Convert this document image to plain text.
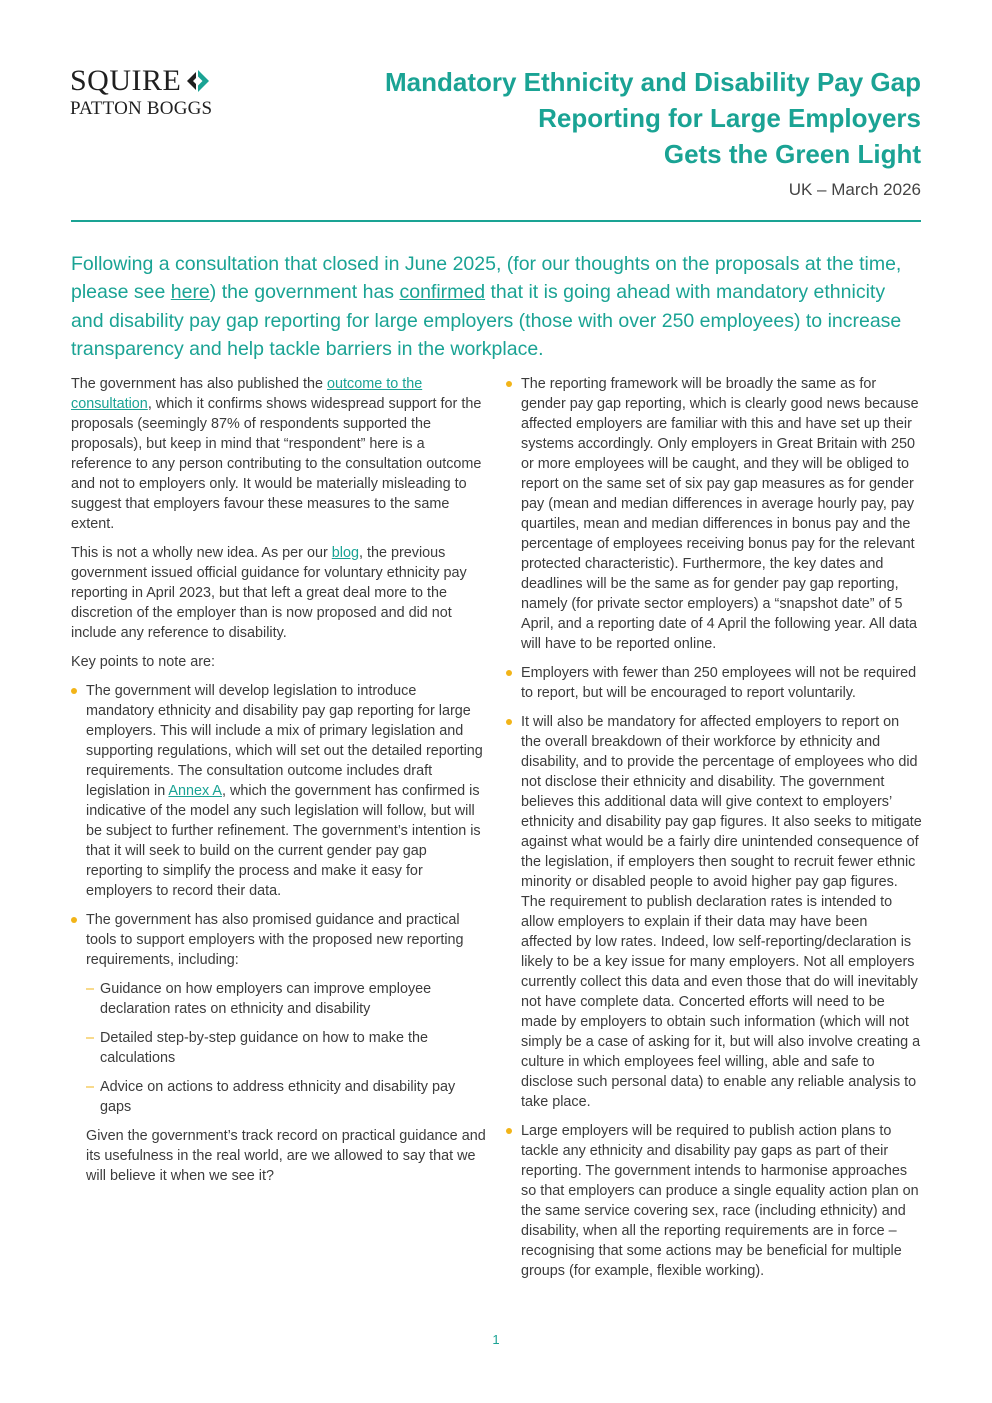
SQUIRE
PATTON BOGGS
Mandatory Ethnicity and Disability Pay Gap
Reporting for Large Employers
Gets the Green Light
UK – March 2026

Following a consultation that closed in June 2025, (for our thoughts on the proposals at the time, please see here) the government has confirmed that it is going ahead with mandatory ethnicity and disability pay gap reporting for large employers (those with over 250 employees) to increase transparency and help tackle barriers in the workplace.

The government has also published the outcome to the consultation, which it confirms shows widespread support for the proposals (seemingly 87% of respondents supported the proposals), but keep in mind that “respondent” here is a reference to any person contributing to the consultation outcome and not to employers only. It would be materially misleading to suggest that employers favour these measures to the same extent.

This is not a wholly new idea. As per our blog, the previous government issued official guidance for voluntary ethnicity pay reporting in April 2023, but that left a great deal more to the discretion of the employer than is now proposed and did not include any reference to disability.

Key points to note are:

The government will develop legislation to introduce mandatory ethnicity and disability pay gap reporting for large employers. This will include a mix of primary legislation and supporting regulations, which will set out the detailed reporting requirements. The consultation outcome includes draft legislation in Annex A, which the government has confirmed is indicative of the model any such legislation will follow, but will be subject to further refinement. The government’s intention is that it will seek to build on the current gender pay gap reporting to simplify the process and make it easy for employers to record their data.
The government has also promised guidance and practical tools to support employers with the proposed new reporting requirements, including:
– Guidance on how employers can improve employee declaration rates on ethnicity and disability
– Detailed step-by-step guidance on how to make the calculations
– Advice on actions to address ethnicity and disability pay gaps

Given the government’s track record on practical guidance and its usefulness in the real world, are we allowed to say that we will believe it when we see it?

The reporting framework will be broadly the same as for gender pay gap reporting, which is clearly good news because affected employers are familiar with this and have set up their systems accordingly. Only employers in Great Britain with 250 or more employees will be caught, and they will be obliged to report on the same set of six pay gap measures as for gender pay (mean and median differences in average hourly pay, pay quartiles, mean and median differences in bonus pay and the percentage of employees receiving bonus pay for the relevant protected characteristic). Furthermore, the key dates and deadlines will be the same as for gender pay gap reporting, namely (for private sector employers) a “snapshot date” of 5 April, and a reporting date of 4 April the following year. All data will have to be reported online.
Employers with fewer than 250 employees will not be required to report, but will be encouraged to report voluntarily.
It will also be mandatory for affected employers to report on the overall breakdown of their workforce by ethnicity and disability, and to provide the percentage of employees who did not disclose their ethnicity and disability. The government believes this additional data will give context to employers’ ethnicity and disability pay gap figures. It also seeks to mitigate against what would be a fairly dire unintended consequence of the legislation, if employers then sought to recruit fewer ethnic minority or disabled people to avoid higher pay gap figures. The requirement to publish declaration rates is intended to allow employers to explain if their data may have been affected by low rates. Indeed, low self-reporting/declaration is likely to be a key issue for many employers. Not all employers currently collect this data and even those that do will inevitably not have complete data. Concerted efforts will need to be made by employers to obtain such information (which will not simply be a case of asking for it, but will also involve creating a culture in which employees feel willing, able and safe to disclose such personal data) to enable any reliable analysis to take place.
Large employers will be required to publish action plans to tackle any ethnicity and disability pay gaps as part of their reporting. The government intends to harmonise approaches so that employers can produce a single equality action plan on the same service covering sex, race (including ethnicity) and disability, when all the reporting requirements are in force – recognising that some actions may be beneficial for multiple groups (for example, flexible working).
1
